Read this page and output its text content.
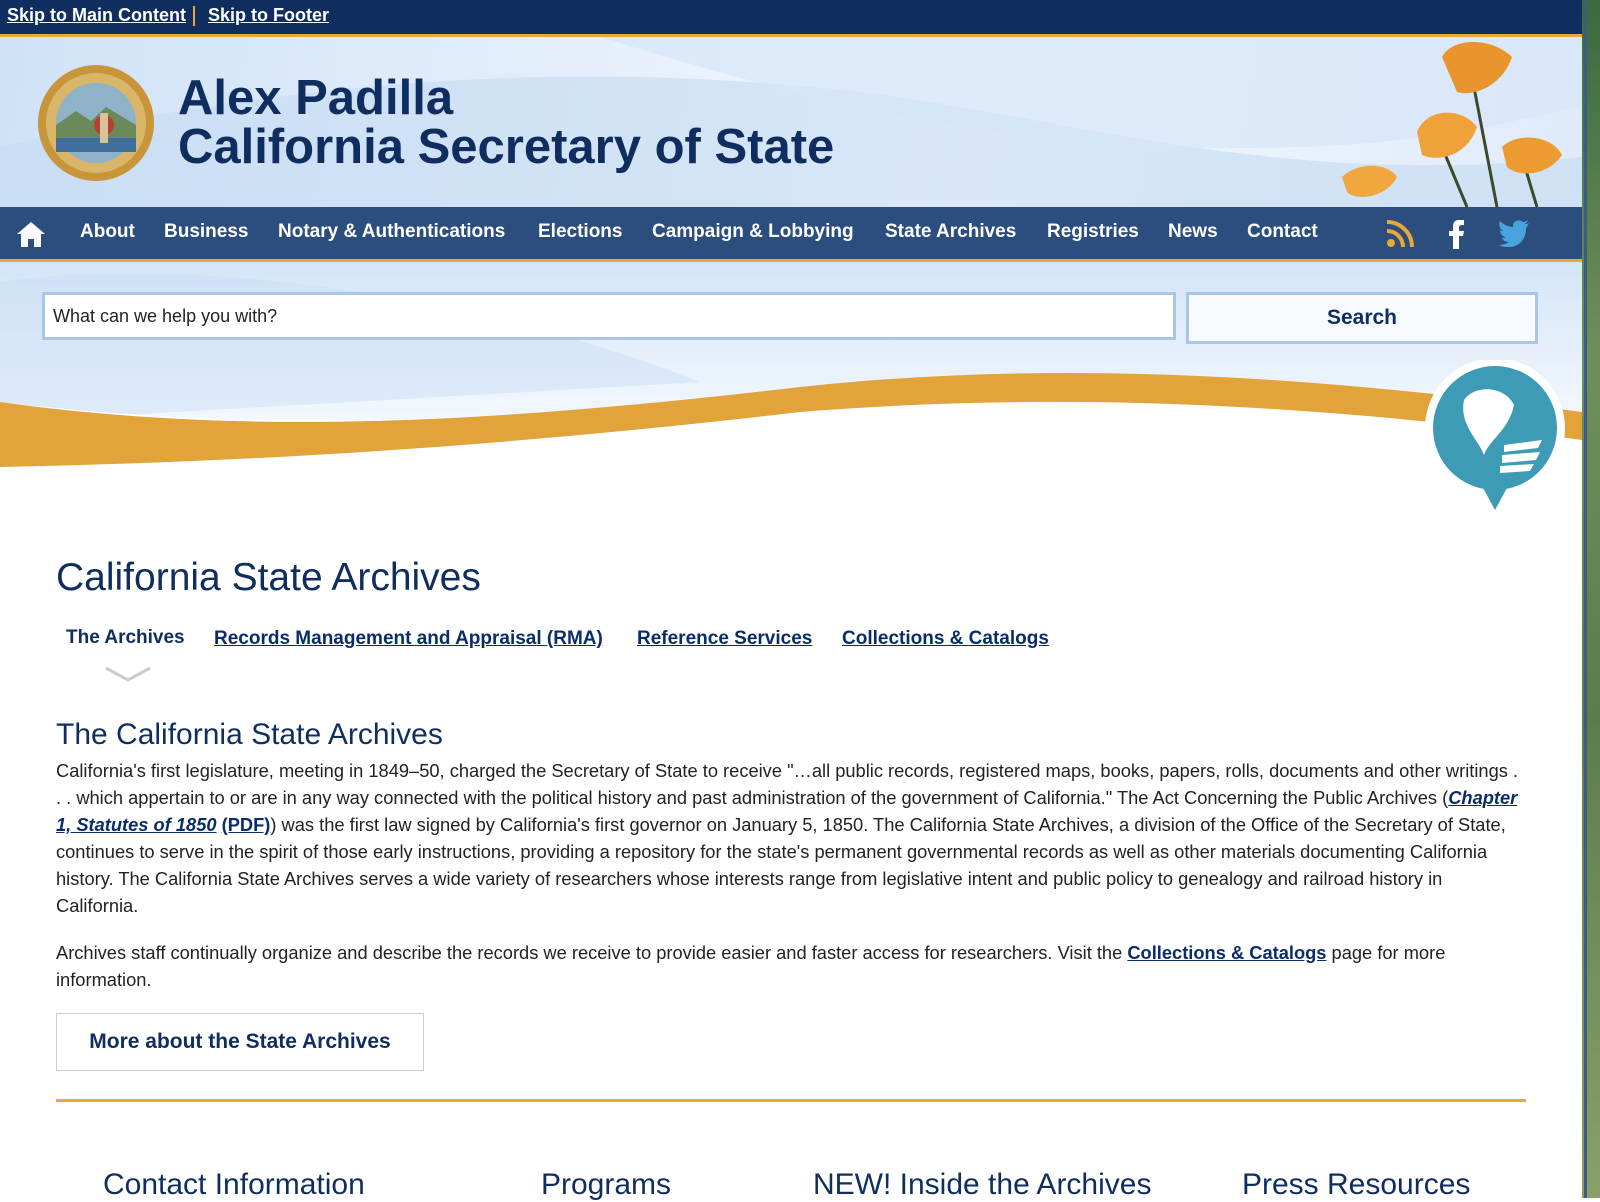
Skip to Main Content Skip to Footer
Alex Padilla
California Secretary of State
About Business Notary & Authentications Elections Campaign & Lobbying State Archives Registries News Contact
What can we help you with?
Search
California State Archives
The Archives Records Management and Appraisal (RMA) Reference Services Collections & Catalogs
The California State Archives

California's first legislature, meeting in 1849–50, charged the Secretary of State to receive "…all public records, registered maps, books, papers, rolls, documents and other writings . . . which appertain to or are in any way connected with the political history and past administration of the government of California." The Act Concerning the Public Archives (Chapter 1, Statutes of 1850 (PDF)) was the first law signed by California's first governor on January 5, 1850. The California State Archives, a division of the Office of the Secretary of State, continues to serve in the spirit of those early instructions, providing a repository for the state's permanent governmental records as well as other materials documenting California history. The California State Archives serves a wide variety of researchers whose interests range from legislative intent and public policy to genealogy and railroad history in California.

Archives staff continually organize and describe the records we receive to provide easier and faster access for researchers. Visit the Collections & Catalogs page for more information.

More about the State Archives
Contact Information	Programs	NEW! Inside the Archives	Press Resources
